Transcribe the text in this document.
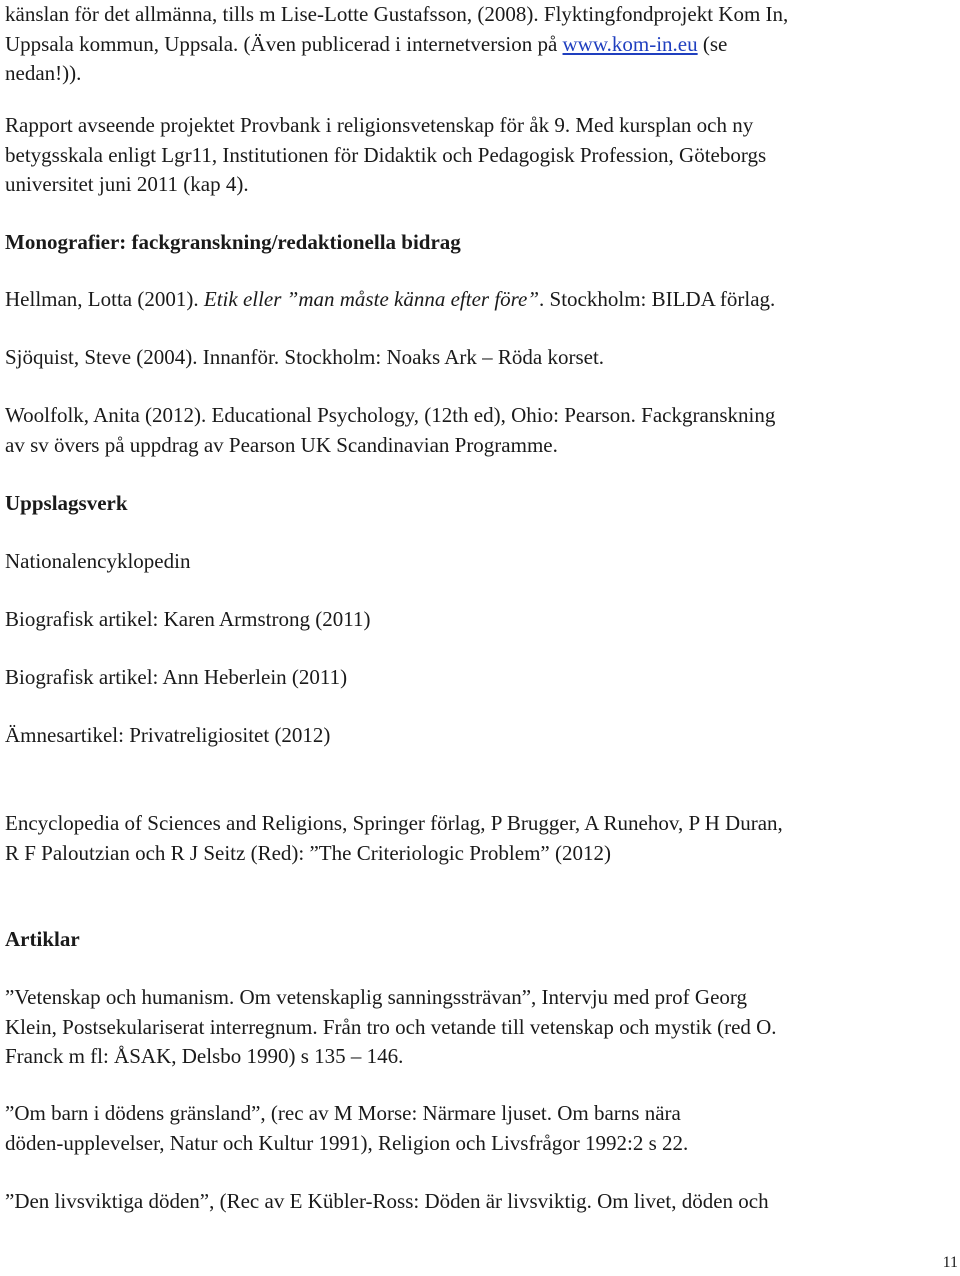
känslan för det allmänna, tills m Lise-Lotte Gustafsson, (2008). Flyktingfondprojekt Kom In,
Uppsala kommun, Uppsala. (Även publicerad i internetversion på www.kom-in.eu (se
nedan!)).

Rapport avseende projektet Provbank i religionsvetenskap för åk 9. Med kursplan och ny
betygsskala enligt Lgr11, Institutionen för Didaktik och Pedagogisk Profession, Göteborgs
universitet juni 2011 (kap 4).

Monografier: fackgranskning/redaktionella bidrag

Hellman, Lotta (2001). Etik eller ”man måste känna efter före”. Stockholm: BILDA förlag.

Sjöquist, Steve (2004). Innanför. Stockholm: Noaks Ark – Röda korset.

Woolfolk, Anita (2012). Educational Psychology, (12th ed), Ohio: Pearson. Fackgranskning
av sv övers på uppdrag av Pearson UK Scandinavian Programme.

Uppslagsverk

Nationalencyklopedin

Biografisk artikel: Karen Armstrong (2011)

Biografisk artikel: Ann Heberlein (2011)

Ämnesartikel: Privatreligiositet (2012)

Encyclopedia of Sciences and Religions, Springer förlag, P Brugger, A Runehov, P H Duran,
R F Paloutzian och R J Seitz (Red): ”The Criteriologic Problem” (2012)

Artiklar

”Vetenskap och humanism. Om vetenskaplig sanningssträvan”, Intervju med prof Georg
Klein, Postsekulariserat interregnum. Från tro och vetande till vetenskap och mystik (red O.
Franck m fl: ÅSAK, Delsbo 1990) s 135 – 146.

”Om barn i dödens gränsland”, (rec av M Morse: Närmare ljuset. Om barns nära
döden-upplevelser, Natur och Kultur 1991), Religion och Livsfrågor 1992:2 s 22.

”Den livsviktiga döden”, (Rec av E Kübler-Ross: Döden är livsviktig. Om livet, döden och

11
